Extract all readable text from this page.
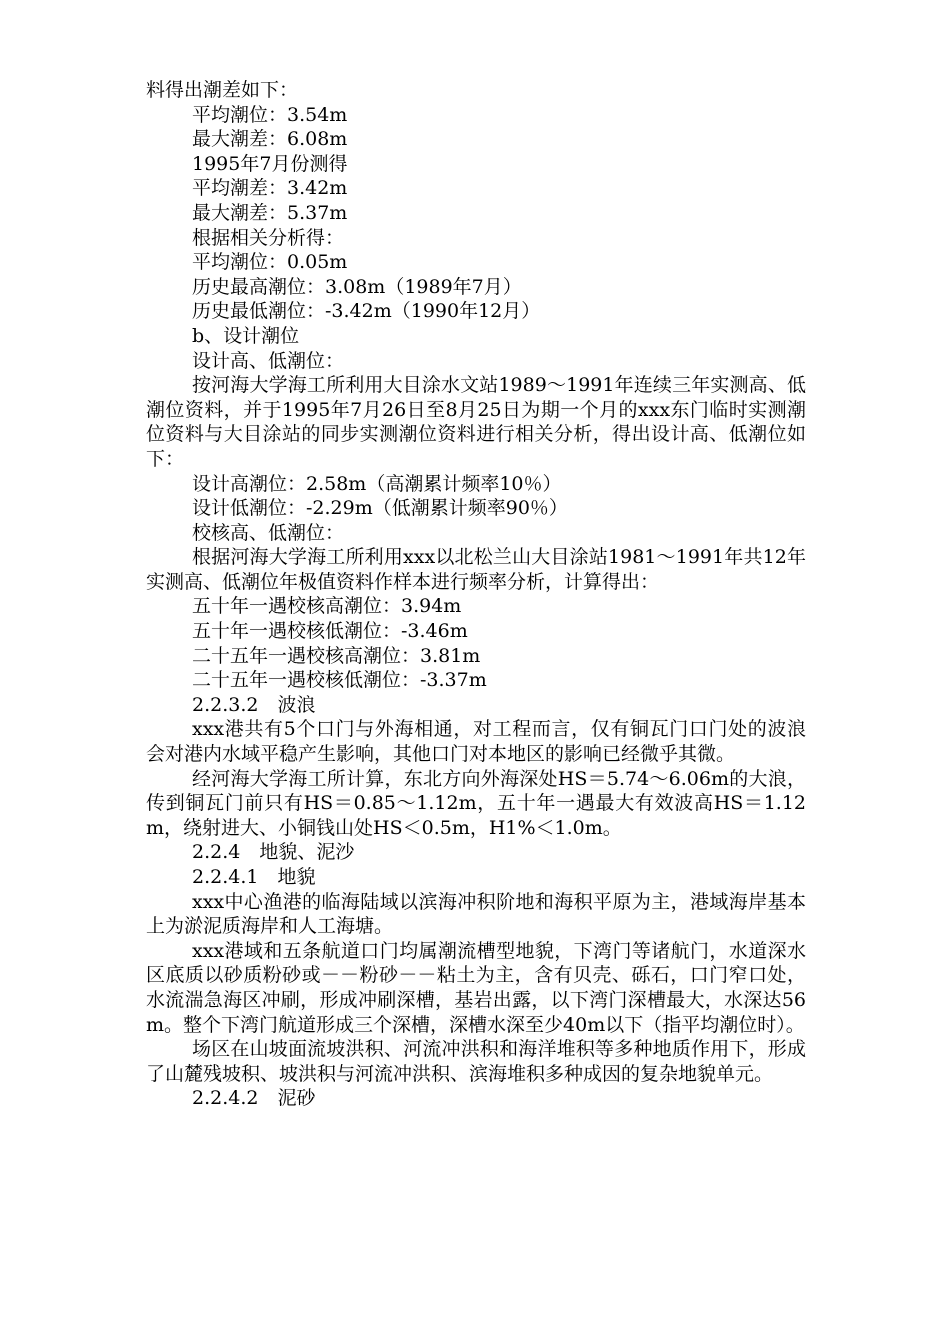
料得出潮差如下：

平均潮位：3.54m

最大潮差：6.08m

1995年7月份测得

平均潮差：3.42m

最大潮差：5.37m

根据相关分析得：

平均潮位：0.05m

历史最高潮位：3.08m（1989年7月）

历史最低潮位：-3.42m（1990年12月）

b、设计潮位

设计高、低潮位：

按河海大学海工所利用大目涂水文站1989～1991年连续三年实测高、低潮位资料，并于1995年7月26日至8月25日为期一个月的xxx东门临时实测潮位资料与大目涂站的同步实测潮位资料进行相关分析，得出设计高、低潮位如下：

设计高潮位：2.58m（高潮累计频率10％）

设计低潮位：-2.29m（低潮累计频率90％）

校核高、低潮位：

根据河海大学海工所利用xxx以北松兰山大目涂站1981～1991年共12年实测高、低潮位年极值资料作样本进行频率分析，计算得出：

五十年一遇校核高潮位：3.94m

五十年一遇校核低潮位：-3.46m

二十五年一遇校核高潮位：3.81m

二十五年一遇校核低潮位：-3.37m

2.2.3.2　波浪

xxx港共有5个口门与外海相通，对工程而言，仅有铜瓦门口门处的波浪会对港内水域平稳产生影响，其他口门对本地区的影响已经微乎其微。

经河海大学海工所计算，东北方向外海深处HS＝5.74～6.06m的大浪，传到铜瓦门前只有HS＝0.85～1.12m，五十年一遇最大有效波高HS＝1.12m，绕射进大、小铜钱山处HS＜0.5m，H1%＜1.0m。

2.2.4　地貌、泥沙

2.2.4.1　地貌

xxx中心渔港的临海陆域以滨海冲积阶地和海积平原为主，港域海岸基本上为淤泥质海岸和人工海塘。

xxx港域和五条航道口门均属潮流槽型地貌，下湾门等诸航门，水道深水区底质以砂质粉砂或－－粉砂－－粘土为主，含有贝壳、砾石，口门窄口处，水流湍急海区冲刷，形成冲刷深槽，基岩出露，以下湾门深槽最大，水深达56m。整个下湾门航道形成三个深槽，深槽水深至少40m以下（指平均潮位时）。

场区在山坡面流坡洪积、河流冲洪积和海洋堆积等多种地质作用下，形成了山麓残坡积、坡洪积与河流冲洪积、滨海堆积多种成因的复杂地貌单元。

2.2.4.2　泥砂
